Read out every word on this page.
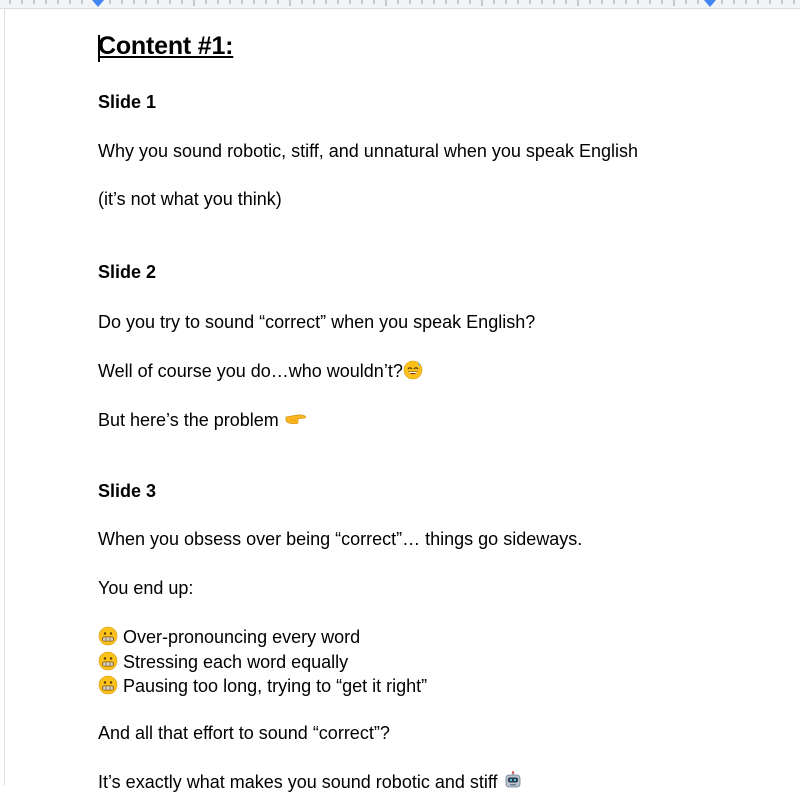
Content #1:
Slide 1
Why you sound robotic, stiff, and unnatural when you speak English
(it’s not what you think)
Slide 2
Do you try to sound “correct” when you speak English?
Well of course you do…who wouldn’t?
But here’s the problem
Slide 3
When you obsess over being “correct”… things go sideways.
You end up:
Over-pronouncing every word
Stressing each word equally
Pausing too long, trying to “get it right”
And all that effort to sound “correct”?
It’s exactly what makes you sound robotic and stiff
